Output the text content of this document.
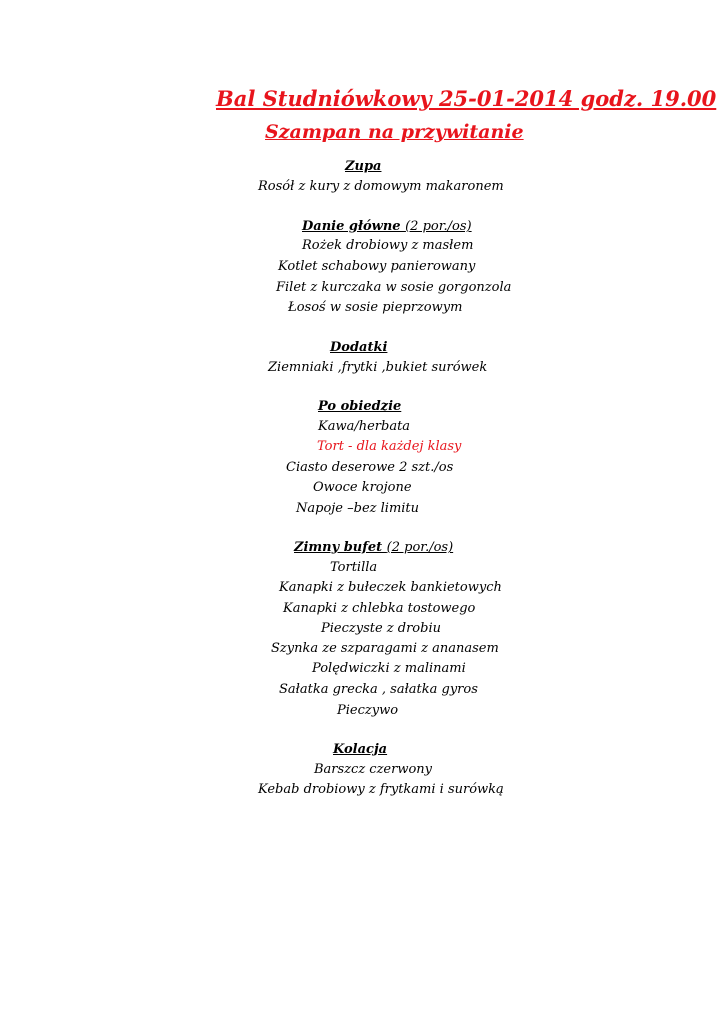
Bal Studniówkowy 25-01-2014 godz. 19.00
Szampan na przywitanie
Zupa
Rosół z kury z domowym makaronem
Danie główne (2 por./os)
Rożek drobiowy z masłem
Kotlet schabowy panierowany
Filet z kurczaka w sosie gorgonzola
Łosoś w sosie pieprzowym
Dodatki
Ziemniaki ,frytki ,bukiet surówek
Po obiedzie
Kawa/herbata
Tort - dla każdej klasy
Ciasto deserowe 2 szt./os
Owoce krojone
Napoje –bez limitu
Zimny bufet (2 por./os)
Tortilla
Kanapki z bułeczek bankietowych
Kanapki z chlebka tostowego
Pieczyste z drobiu
Szynka ze szparagami z ananasem
Polędwiczki z malinami
Sałatka grecka , sałatka gyros
Pieczywo
Kolacja
Barszcz czerwony
Kebab drobiowy z frytkami i surówką
